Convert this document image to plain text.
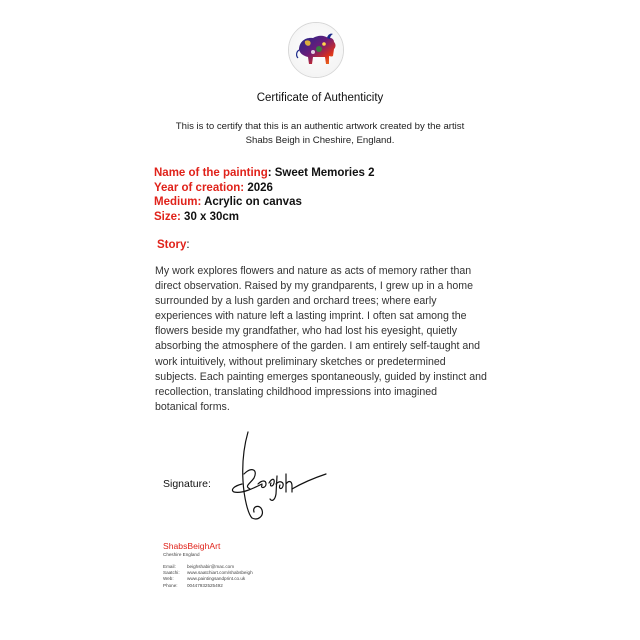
Certificate of Authenticity
This is to certify that this is an authentic artwork created by the artist
Shabs Beigh in Cheshire, England.
Name of the painting: Sweet Memories 2
Year of creation: 2026
Medium: Acrylic on canvas
Size: 30 x 30cm
Story:
My work explores flowers and nature as acts of memory rather than
direct observation. Raised by my grandparents, I grew up in a home
surrounded by a lush garden and orchard trees; where early
experiences with nature left a lasting imprint. I often sat among the
flowers beside my grandfather, who had lost his eyesight, quietly
absorbing the atmosphere of the garden. I am entirely self-taught and
work intuitively, without preliminary sketches or predetermined
subjects. Each painting emerges spontaneously, guided by instinct and
recollection, translating childhood impressions into imagined
botanical forms.
Signature:
ShabsBeighArt
Cheshire England
Email: beighshabir@mac.com
Saatchi: www.saatchiart.com/shabsbeigh
Web:	www.paintingsandprint.co.uk
Phone: 00447932525492
